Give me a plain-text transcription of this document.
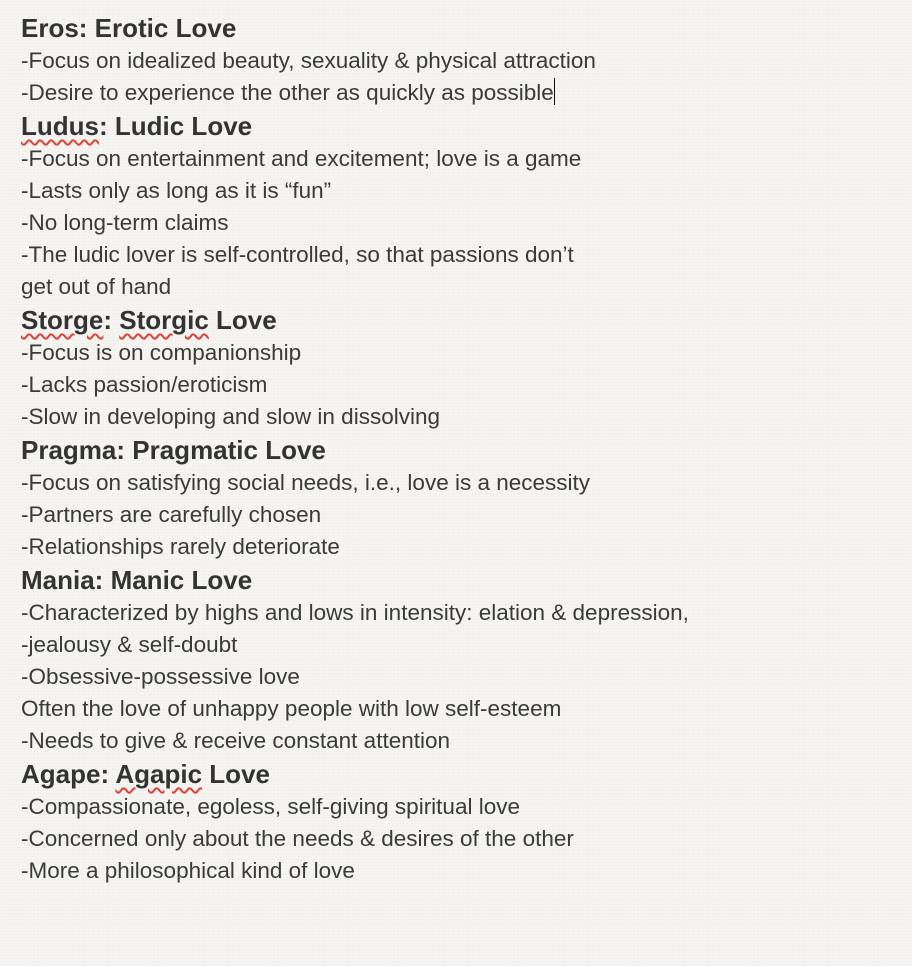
Eros: Erotic Love
-Focus on idealized beauty, sexuality & physical attraction
-Desire to experience the other as quickly as possible
Ludus: Ludic Love
-Focus on entertainment and excitement; love is a game
-Lasts only as long as it is “fun”
-No long-term claims
-The ludic lover is self-controlled, so that passions don’t
get out of hand
Storge: Storgic Love
-Focus is on companionship
-Lacks passion/eroticism
-Slow in developing and slow in dissolving
Pragma: Pragmatic Love
-Focus on satisfying social needs, i.e., love is a necessity
-Partners are carefully chosen
-Relationships rarely deteriorate
Mania: Manic Love
-Characterized by highs and lows in intensity: elation & depression,
-jealousy & self-doubt
-Obsessive-possessive love
Often the love of unhappy people with low self-esteem
-Needs to give & receive constant attention
Agape: Agapic Love
-Compassionate, egoless, self-giving spiritual love
-Concerned only about the needs & desires of the other
-More a philosophical kind of love
